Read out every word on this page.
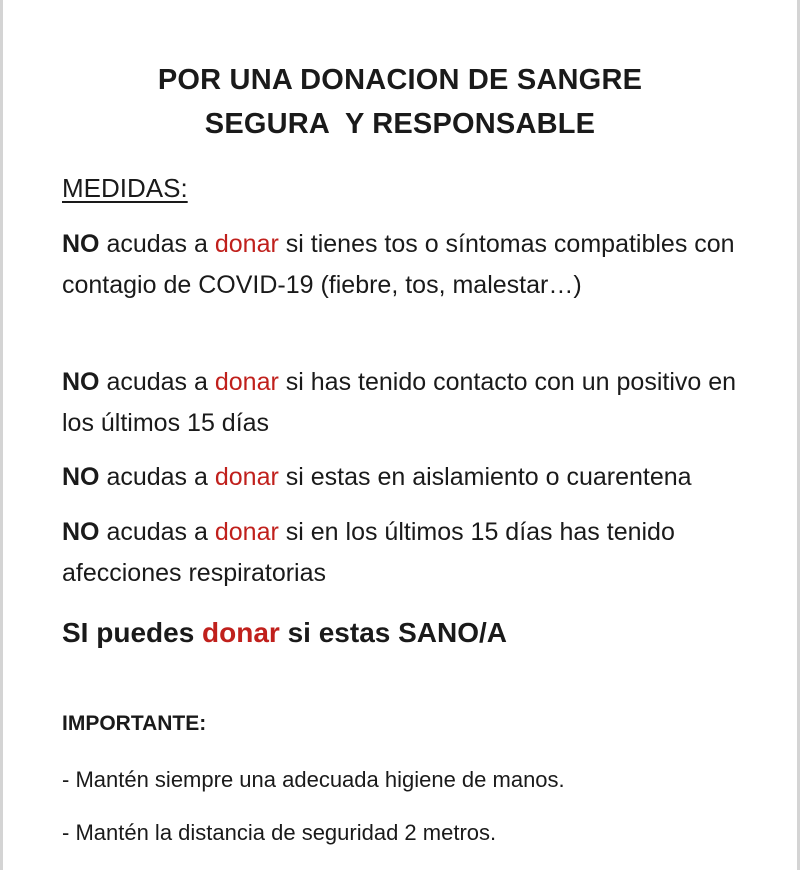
POR UNA DONACION DE SANGRE
SEGURA  Y RESPONSABLE
MEDIDAS:

NO acudas a donar si tienes tos o síntomas compatibles con contagio de COVID-19 (fiebre, tos, malestar…)

NO acudas a donar si has tenido contacto con un positivo en los últimos 15 días

NO acudas a donar si estas en aislamiento o cuarentena

NO acudas a donar si en los últimos 15 días has tenido afecciones respiratorias

SI puedes donar si estas SANO/A
IMPORTANTE:
- Mantén siempre una adecuada higiene de manos.
- Mantén la distancia de seguridad 2 metros.
